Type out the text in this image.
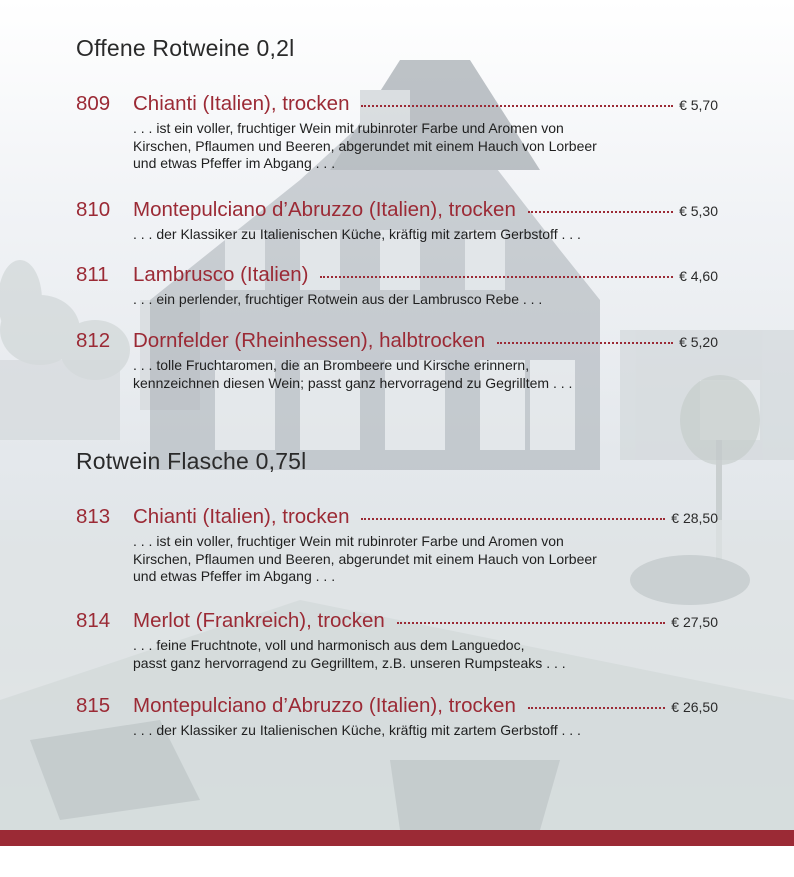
Offene Rotweine 0,2l
809	Chianti (Italien), trocken	€ 5,70
. . . ist ein voller, fruchtiger Wein mit rubinroter Farbe und Aromen von
Kirschen, Pflaumen und Beeren, abgerundet mit einem Hauch von Lorbeer
und etwas Pfeffer im Abgang . . .
810	Montepulciano d’Abruzzo (Italien), trocken	€ 5,30
. . . der Klassiker zu Italienischen Küche, kräftig mit zartem Gerbstoff . . .
811	Lambrusco (Italien)	€ 4,60
. . . ein perlender, fruchtiger Rotwein aus der Lambrusco Rebe . . .
812	Dornfelder (Rheinhessen), halbtrocken	€ 5,20
. . . tolle Fruchtaromen, die an Brombeere und Kirsche erinnern,
kennzeichnen diesen Wein; passt ganz hervorragend zu Gegrilltem . . .
Rotwein Flasche 0,75l
813	Chianti (Italien), trocken	€ 28,50
. . . ist ein voller, fruchtiger Wein mit rubinroter Farbe und Aromen von
Kirschen, Pflaumen und Beeren, abgerundet mit einem Hauch von Lorbeer
und etwas Pfeffer im Abgang . . .
814	Merlot (Frankreich), trocken	€ 27,50
. . . feine Fruchtnote, voll und harmonisch aus dem Languedoc,
passt ganz hervorragend zu Gegrilltem, z.B. unseren Rumpsteaks . . .
815	Montepulciano d’Abruzzo (Italien), trocken	€ 26,50
. . . der Klassiker zu Italienischen Küche, kräftig mit zartem Gerbstoff . . .
